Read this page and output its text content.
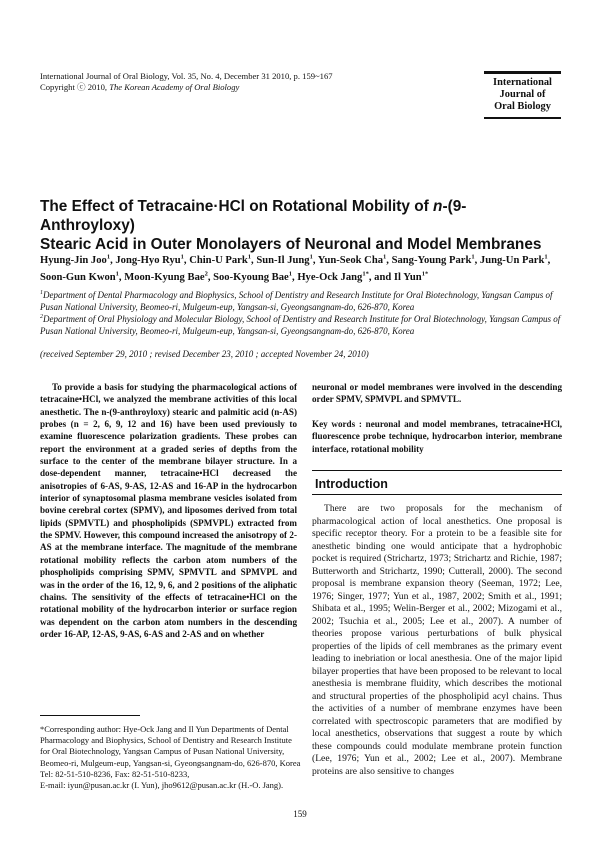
International Journal of Oral Biology, Vol. 35, No. 4, December 31 2010, p. 159~167
Copyright ⓒ 2010, The Korean Academy of Oral Biology	International
Journal of
Oral Biology
The Effect of Tetracaine·HCl on Rotational Mobility of n-(9-Anthroyloxy)
Stearic Acid in Outer Monolayers of Neuronal and Model Membranes
Hyung-Jin Joo$^1$, Jong-Hyo Ryu$^1$, Chin-U Park$^1$, Sun-Il Jung$^1$, Yun-Seok Cha$^1$, Sang-Young Park$^1$, Jung-Un Park$^1$, Soon-Gun Kwon$^1$, Moon-Kyung Bae$^2$, Soo-Kyoung Bae$^1$, Hye-Ock Jang$^{1*}$, and Il Yun$^{1*}$
$^1$Department of Dental Pharmacology and Biophysics, School of Dentistry and Research Institute for Oral Biotechnology, Yangsan Campus of Pusan National University, Beomeo-ri, Mulgeum-eup, Yangsan-si, Gyeongsangnam-do, 626-870, Korea
$^2$Department of Oral Physiology and Molecular Biology, School of Dentistry and Research Institute for Oral Biotechnology, Yangsan Campus of Pusan National University, Beomeo-ri, Mulgeum-eup, Yangsan-si, Gyeongsangnam-do, 626-870, Korea
(received September 29, 2010 ; revised December 23, 2010 ; accepted November 24, 2010)
To provide a basis for studying the pharmacological actions of tetracaine•HCl, we analyzed the membrane activities of this local anesthetic. The n-(9-anthroyloxy) stearic and palmitic acid (n-AS) probes (n = 2, 6, 9, 12 and 16) have been used previously to examine fluorescence polarization gradients. These probes can report the environment at a graded series of depths from the surface to the center of the membrane bilayer structure. In a dose-dependent manner, tetracaine•HCl decreased the anisotropies of 6-AS, 9-AS, 12-AS and 16-AP in the hydrocarbon interior of synaptosomal plasma membrane vesicles isolated from bovine cerebral cortex (SPMV), and liposomes derived from total lipids (SPMVTL) and phospholipids (SPMVPL) extracted from the SPMV. However, this compound increased the anisotropy of 2-AS at the membrane interface. The magnitude of the membrane rotational mobility reflects the carbon atom numbers of the phospholipids comprising SPMV, SPMVTL and SPMVPL and was in the order of the 16, 12, 9, 6, and 2 positions of the aliphatic chains. The sensitivity of the effects of tetracaine•HCl on the rotational mobility of the hydrocarbon interior or surface region was dependent on the carbon atom numbers in the descending order 16-AP, 12-AS, 9-AS, 6-AS and 2-AS and on whether
neuronal or model membranes were involved in the descending order SPMV, SPMVPL and SPMVTL.
Key words : neuronal and model membranes, tetracaine•HCl, fluorescence probe technique, hydrocarbon interior, membrane interface, rotational mobility
Introduction
There are two proposals for the mechanism of pharmacological action of local anesthetics. One proposal is specific receptor theory. For a protein to be a feasible site for anesthetic binding one would anticipate that a hydrophobic pocket is required (Strichartz, 1973; Strichartz and Richie, 1987; Butterworth and Strichartz, 1990; Cutterall, 2000). The second proposal is membrane expansion theory (Seeman, 1972; Lee, 1976; Singer, 1977; Yun et al., 1987, 2002; Smith et al., 1991; Shibata et al., 1995; Welin-Berger et al., 2002; Mizogami et al., 2002; Tsuchia et al., 2005; Lee et al., 2007). A number of theories propose various perturbations of bulk physical properties of the lipids of cell membranes as the primary event leading to inebriation or local anesthesia. One of the major lipid bilayer properties that have been proposed to be relevant to local anesthesia is membrane fluidity, which describes the motional and structural properties of the phospholipid acyl chains. Thus the activities of a number of membrane enzymes have been correlated with spectroscopic parameters that are modified by local anesthetics, observations that suggest a route by which these compounds could modulate membrane protein function (Lee, 1976; Yun et al., 2002; Lee et al., 2007). Membrane proteins are also sensitive to changes
*Corresponding author: Hye-Ock Jang and Il Yun Departments of Dental Pharmacology and Biophysics, School of Dentistry and Research Institute for Oral Biotechnology, Yangsan Campus of Pusan National University, Beomeo-ri, Mulgeum-eup, Yangsan-si, Gyeongsangnam-do, 626-870, Korea
Tel: 82-51-510-8236, Fax: 82-51-510-8233,
E-mail: iyun@pusan.ac.kr (I. Yun), jho9612@pusan.ac.kr (H.-O. Jang).
159
